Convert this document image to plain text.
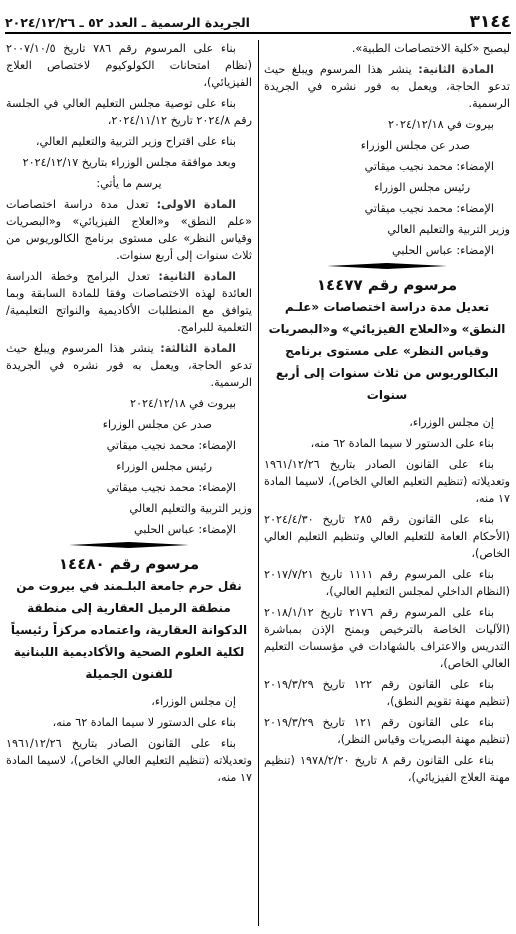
٣١٤٤
الجريدة الرسمية ـ العدد ٥٢ ـ ٢٠٢٤/١٢/٢٦

ليصبح «كلية الاختصاصات الطبية».

المادة الثانية: ينشر هذا المرسوم ويبلغ حيث تدعو الحاجة، ويعمل به فور نشره في الجريدة الرسمية.

بيروت في ٢٠٢٤/١٢/١٨

صدر عن مجلس الوزراء

الإمضاء: محمد نجيب ميقاتي

رئيس مجلس الوزراء

الإمضاء: محمد نجيب ميقاتي

وزير التربية والتعليم العالي

الإمضاء: عباس الحلبي

مرسوم رقم ١٤٤٧٧
تعديل مدة دراسة اختصاصات «علـم النطق» و«العلاج الفيزيائي» و«البصريات وقياس النظر» على مستوى برنامج البكالوريوس من ثلاث سنوات إلى أربع سنوات

إن مجلس الوزراء،

بناء على الدستور لا سيما المادة ٦٢ منه،

بناء على القانون الصادر بتاريخ ١٩٦١/١٢/٢٦ وتعديلاته (تنظيم التعليم العالي الخاص)، لاسيما المادة ١٧ منه،

بناء على القانون رقم ٢٨٥ تاريخ ٢٠٢٤/٤/٣٠ (الأحكام العامة للتعليم العالي وتنظيم التعليم العالي الخاص)،

بناء على المرسوم رقم ١١١١ تاريخ ٢٠١٧/٧/٢١ (النظام الداخلي لمجلس التعليم العالي)،

بناء على المرسوم رقم ٢١٧٦ تاريخ ٢٠١٨/١/١٢ (الآليات الخاصة بالترخيص وبمنح الإذن بمباشرة التدريس والاعتراف بالشهادات في مؤسسات التعليم العالي الخاص)،

بناء على القانون رقم ١٢٢ تاريخ ٢٠١٩/٣/٢٩ (تنظيم مهنة تقويم النطق)،

بناء على القانون رقم ١٢١ تاريخ ٢٠١٩/٣/٢٩ (تنظيم مهنة البصريات وقياس النظر)،

بناء على القانون رقم ٨ تاريخ ١٩٧٨/٢/٢٠ (تنظيم مهنة العلاج الفيزيائي)،

بناء على المرسوم رقم ٧٨٦ تاريخ ٢٠٠٧/١٠/٥ (نظام امتحانات الكولوكيوم لاختصاص العلاج الفيزيائي)،

بناء على توصية مجلس التعليم العالي في الجلسة رقم ٢٠٢٤/٨ تاريخ ٢٠٢٤/١١/١٢،

بناء على اقتراح وزير التربية والتعليم العالي،

وبعد موافقة مجلس الوزراء بتاريخ ٢٠٢٤/١٢/١٧

يرسم ما يأتي:

المادة الاولى: تعدل مدة دراسة اختصاصات «علم النطق» و«العلاج الفيزيائي» و«البصريات وقياس النظر» على مستوى برنامج الكالوريوس من ثلاث سنوات إلى أربع سنوات.

المادة الثانية: تعدل البرامج وخطة الدراسة العائدة لهذه الاختصاصات وفقا للمادة السابقة وبما يتوافق مع المنطلبات الأكاديمية والنواتج التعليمية/ التعلمية للبرامج.

المادة الثالثة: ينشر هذا المرسوم ويبلغ حيث تدعو الحاجة، ويعمل به فور نشره في الجريدة الرسمية.

بيروت في ٢٠٢٤/١٢/١٨

صدر عن مجلس الوزراء

الإمضاء: محمد نجيب ميقاتي

رئيس مجلس الوزراء

الإمضاء: محمد نجيب ميقاتي

وزير التربية والتعليم العالي

الإمضاء: عباس الحلبي

مرسوم رقم ١٤٤٨٠
نقل حرم جامعة البلـمند في بيروت من منطقة الرميل العقارية إلى منطقة الدكوانة العقارية، واعتماده مركزاً رئيسياً لكلية العلوم الصحية والأكاديمية اللبنانية للفنون الجميلة

إن مجلس الوزراء،

بناء على الدستور لا سيما المادة ٦٢ منه،

بناء على القانون الصادر بتاريخ ١٩٦١/١٢/٢٦ وتعديلاته (تنظيم التعليم العالي الخاص)، لاسيما المادة ١٧ منه،
